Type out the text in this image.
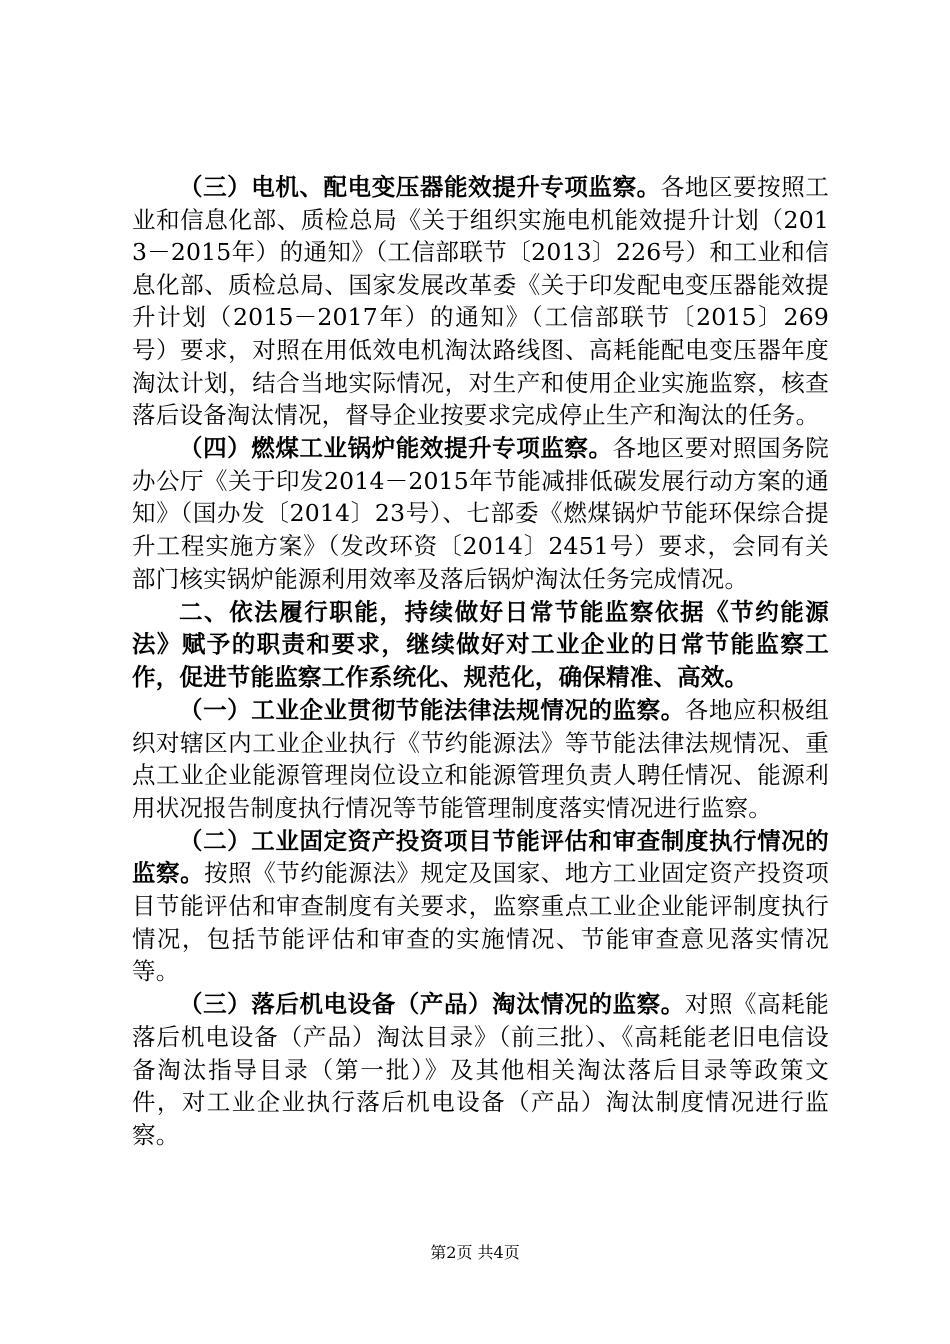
（三）电机、配电变压器能效提升专项监察。各地区要按照工业和信息化部、质检总局《关于组织实施电机能效提升计划（2013－2015年）的通知》（工信部联节〔2013〕226号）和工业和信息化部、质检总局、国家发展改革委《关于印发配电变压器能效提升计划（2015－2017年）的通知》（工信部联节〔2015〕269号）要求，对照在用低效电机淘汰路线图、高耗能配电变压器年度淘汰计划，结合当地实际情况，对生产和使用企业实施监察，核查落后设备淘汰情况，督导企业按要求完成停止生产和淘汰的任务。

（四）燃煤工业锅炉能效提升专项监察。各地区要对照国务院办公厅《关于印发2014－2015年节能减排低碳发展行动方案的通知》（国办发〔2014〕23号）、七部委《燃煤锅炉节能环保综合提升工程实施方案》（发改环资〔2014〕2451号）要求，会同有关部门核实锅炉能源利用效率及落后锅炉淘汰任务完成情况。

二、依法履行职能，持续做好日常节能监察依据《节约能源法》赋予的职责和要求，继续做好对工业企业的日常节能监察工作，促进节能监察工作系统化、规范化，确保精准、高效。

（一）工业企业贯彻节能法律法规情况的监察。各地应积极组织对辖区内工业企业执行《节约能源法》等节能法律法规情况、重点工业企业能源管理岗位设立和能源管理负责人聘任情况、能源利用状况报告制度执行情况等节能管理制度落实情况进行监察。

（二）工业固定资产投资项目节能评估和审查制度执行情况的监察。按照《节约能源法》规定及国家、地方工业固定资产投资项目节能评估和审查制度有关要求，监察重点工业企业能评制度执行情况，包括节能评估和审查的实施情况、节能审查意见落实情况等。

（三）落后机电设备（产品）淘汰情况的监察。对照《高耗能落后机电设备（产品）淘汰目录》（前三批）、《高耗能老旧电信设备淘汰指导目录（第一批）》及其他相关淘汰落后目录等政策文件，对工业企业执行落后机电设备（产品）淘汰制度情况进行监察。

第2页 共4页
